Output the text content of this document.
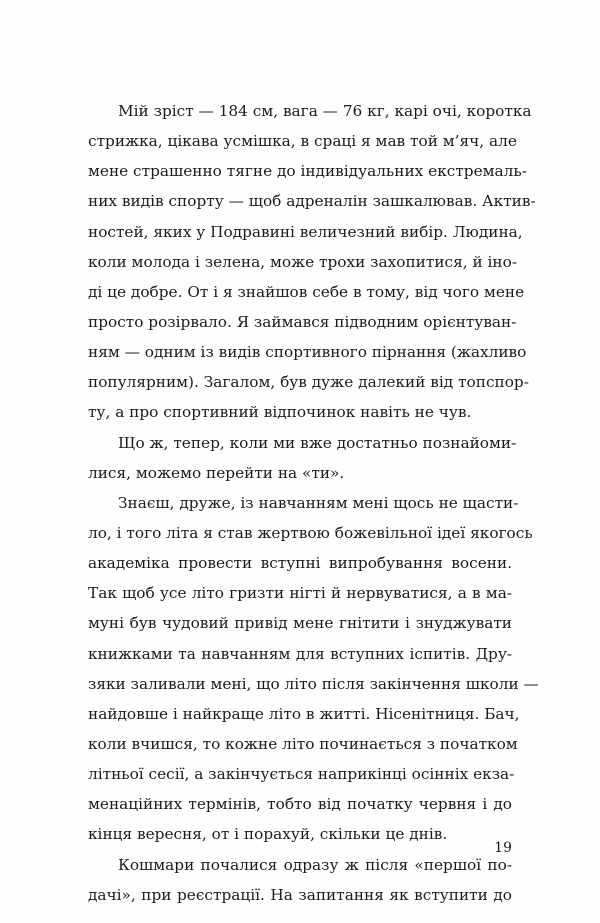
Мій зріст — 184 см, вага — 76 кг, карі очі, коротка
стрижка, цікава усмішка, в сраці я мав той м’яч, але
мене страшенно тягне до індивідуальних екстремаль-
них видів спорту — щоб адреналін зашкалював. Актив-
ностей, яких у Подравині величезний вибір. Людина,
коли молода і зелена, може трохи захопитися, й іно-
ді це добре. От і я знайшов себе в тому, від чого мене
просто розірвало. Я займався підводним орієнтуван-
ням — одним із видів спортивного пірнання (жахливо
популярним). Загалом, був дуже далекий від топспор-
ту, а про спортивний відпочинок навіть не чув.
Що ж, тепер, коли ми вже достатньо познайоми-
лися, можемо перейти на «ти».
Знаєш, друже, із навчанням мені щось не щасти-
ло, і того літа я став жертвою божевільної ідеї якогось
академіка провести вступні випробування восени.
Так щоб усе літо гризти нігті й нервуватися, а в ма-
муні був чудовий привід мене гнітити і знуджувати
книжками та навчанням для вступних іспитів. Дру-
зяки заливали мені, що літо після закінчення школи —
найдовше і найкраще літо в житті. Нісенітниця. Бач,
коли вчишся, то кожне літо починається з початком
літньої сесії, а закінчується наприкінці осінніх екза-
менаційних термінів, тобто від початку червня і до
кінця вересня, от і порахуй, скільки це днів.
Кошмари почалися одразу ж після «першої по-
дачі», при реєстрації. На запитання як вступити до
19
